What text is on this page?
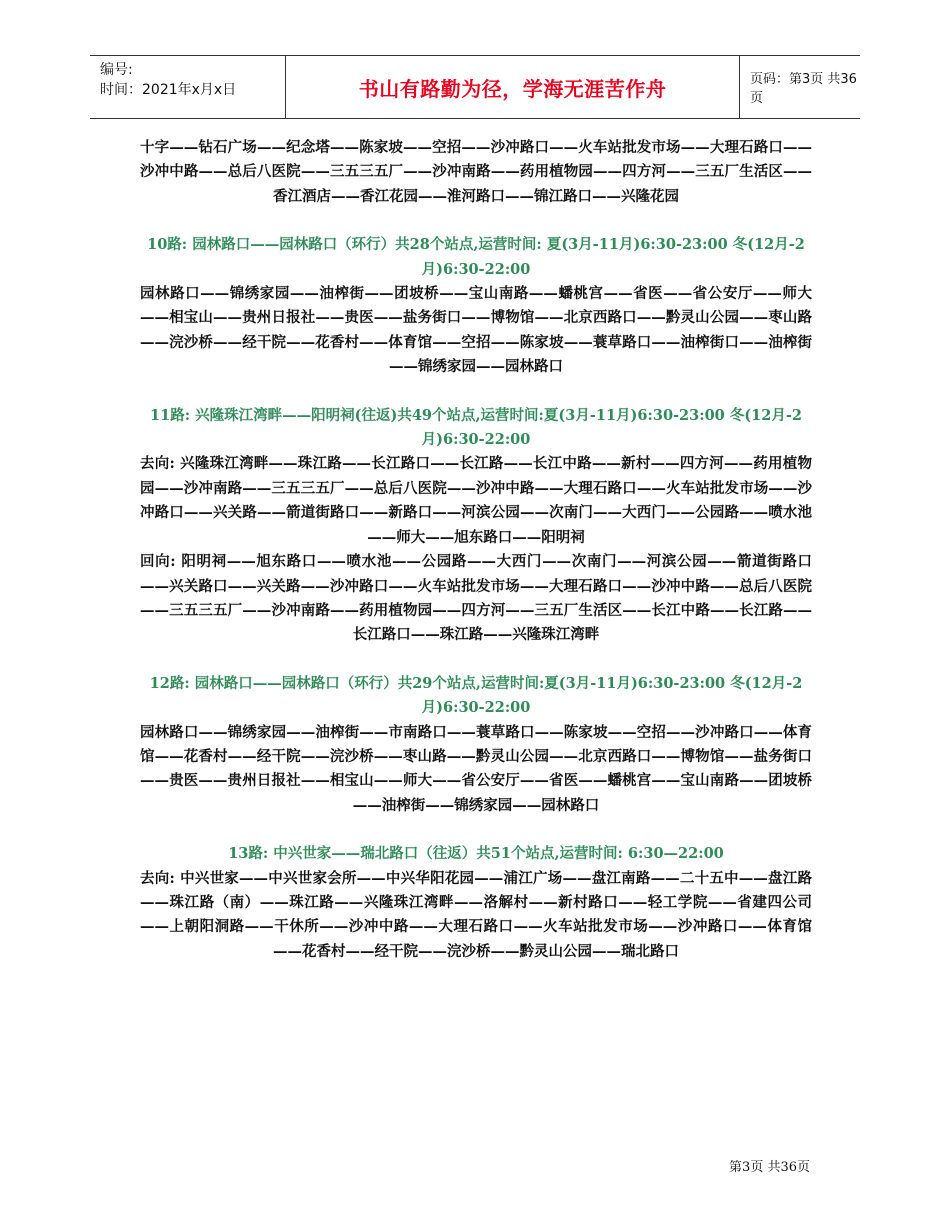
编号:
时间：2021年x月x日	书山有路勤为径，学海无涯苦作舟	页码：第3页 共36页

十字——钻石广场——纪念塔——陈家坡——空招——沙冲路口——火车站批发市场——大理石路口——沙冲中路——总后八医院——三五三五厂——沙冲南路——药用植物园——四方河——三五厂生活区——香江酒店——香江花园——淮河路口——锦江路口——兴隆花园

10路: 园林路口——园林路口（环行）共28个站点,运营时间: 夏(3月-11月)6:30-23:00 冬(12月-2月)6:30-22:00

园林路口——锦绣家园——油榨街——团坡桥——宝山南路——蟠桃宫——省医——省公安厅——师大——相宝山——贵州日报社——贵医——盐务街口——博物馆——北京西路口——黔灵山公园——枣山路——浣沙桥——经干院——花香村——体育馆——空招——陈家坡——蓑草路口——油榨街口——油榨街——锦绣家园——园林路口

11路: 兴隆珠江湾畔——阳明祠(往返)共49个站点,运营时间:夏(3月-11月)6:30-23:00 冬(12月-2月)6:30-22:00

去向: 兴隆珠江湾畔——珠江路——长江路口——长江路——长江中路——新村——四方河——药用植物园——沙冲南路——三五三五厂——总后八医院——沙冲中路——大理石路口——火车站批发市场——沙冲路口——兴关路——箭道街路口——新路口——河滨公园——次南门——大西门——公园路——喷水池——师大——旭东路口——阳明祠

回向: 阳明祠——旭东路口——喷水池——公园路——大西门——次南门——河滨公园——箭道街路口——兴关路口——兴关路——沙冲路口——火车站批发市场——大理石路口——沙冲中路——总后八医院——三五三五厂——沙冲南路——药用植物园——四方河——三五厂生活区——长江中路——长江路——长江路口——珠江路——兴隆珠江湾畔

12路: 园林路口——园林路口（环行）共29个站点,运营时间:夏(3月-11月)6:30-23:00 冬(12月-2月)6:30-22:00

园林路口——锦绣家园——油榨街——市南路口——蓑草路口——陈家坡——空招——沙冲路口——体育馆——花香村——经干院——浣沙桥——枣山路——黔灵山公园——北京西路口——博物馆——盐务街口——贵医——贵州日报社——相宝山——师大——省公安厅——省医——蟠桃宫——宝山南路——团坡桥——油榨街——锦绣家园——园林路口

13路: 中兴世家——瑞北路口（往返）共51个站点,运营时间: 6:30—22:00

去向: 中兴世家——中兴世家会所——中兴华阳花园——浦江广场——盘江南路——二十五中——盘江路——珠江路（南）——珠江路——兴隆珠江湾畔——洛解村——新村路口——轻工学院——省建四公司——上朝阳洞路——干休所——沙冲中路——大理石路口——火车站批发市场——沙冲路口——体育馆——花香村——经干院——浣沙桥——黔灵山公园——瑞北路口

第3页 共36页
